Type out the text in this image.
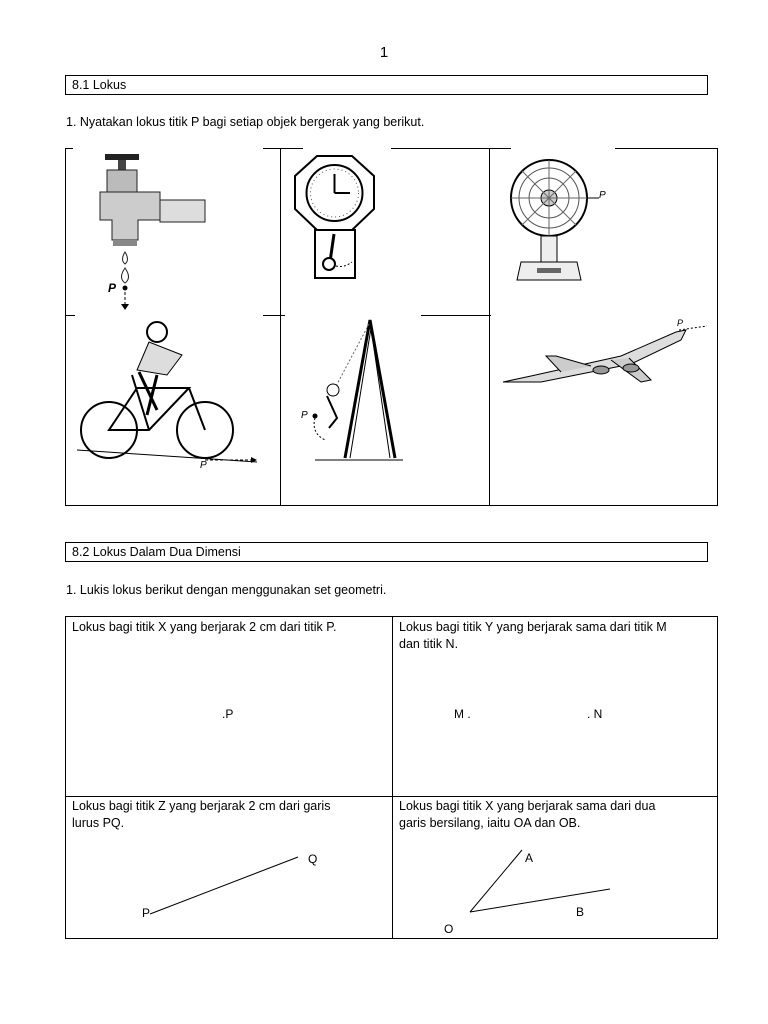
1
8.1 Lokus
1. Nyatakan lokus titik P bagi setiap objek bergerak yang berikut.
P
P
P
P
P
8.2 Lokus Dalam Dua Dimensi
1. Lukis lokus berikut dengan menggunakan set geometri.
Lokus bagi titik X yang berjarak 2 cm dari titik P.
.P
Lokus bagi titik Y yang berjarak sama dari titik M
dan titik N.
M .	. N
Lokus bagi titik Z yang berjarak 2 cm dari garis
lurus PQ.
P
Q
Lokus bagi titik X yang berjarak sama dari dua
garis bersilang, iaitu OA dan OB.
O
A
B
